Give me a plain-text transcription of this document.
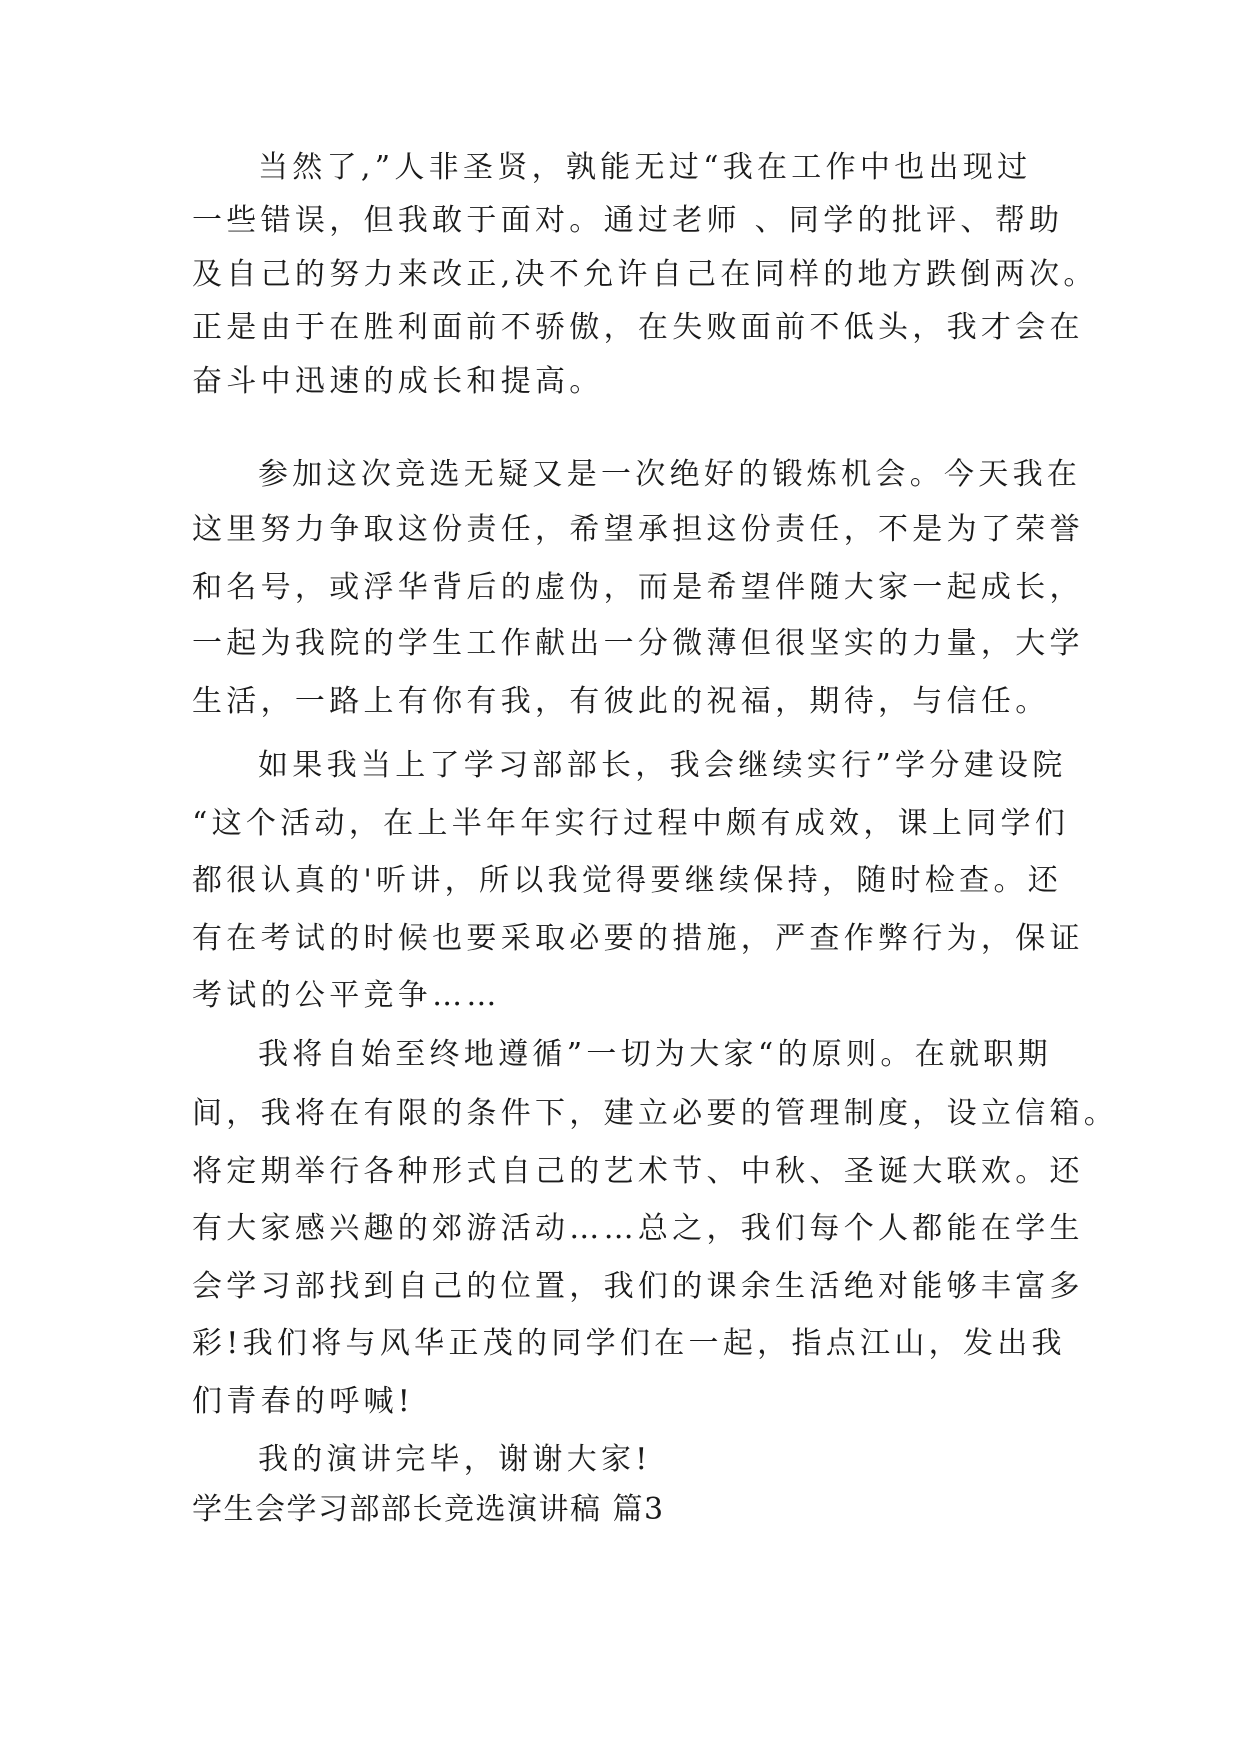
当然了,”人非圣贤，孰能无过“我在工作中也出现过
一些错误，但我敢于面对。通过老师 、同学的批评、帮助
及自己的努力来改正,决不允许自己在同样的地方跌倒两次。
正是由于在胜利面前不骄傲，在失败面前不低头，我才会在
奋斗中迅速的成长和提高。
参加这次竞选无疑又是一次绝好的锻炼机会。今天我在
这里努力争取这份责任，希望承担这份责任，不是为了荣誉
和名号，或浮华背后的虚伪，而是希望伴随大家一起成长，
一起为我院的学生工作献出一分微薄但很坚实的力量，大学
生活，一路上有你有我，有彼此的祝福，期待，与信任。
如果我当上了学习部部长，我会继续实行”学分建设院
“这个活动，在上半年年实行过程中颇有成效，课上同学们
都很认真的'听讲，所以我觉得要继续保持，随时检查。还
有在考试的时候也要采取必要的措施，严查作弊行为，保证
考试的公平竞争……
我将自始至终地遵循”一切为大家“的原则。在就职期
间，我将在有限的条件下，建立必要的管理制度，设立信箱。
将定期举行各种形式自己的艺术节、中秋、圣诞大联欢。还
有大家感兴趣的郊游活动……总之，我们每个人都能在学生
会学习部找到自己的位置，我们的课余生活绝对能够丰富多
彩!我们将与风华正茂的同学们在一起，指点江山，发出我
们青春的呼喊!
我的演讲完毕，谢谢大家!
学生会学习部部长竞选演讲稿 篇3
